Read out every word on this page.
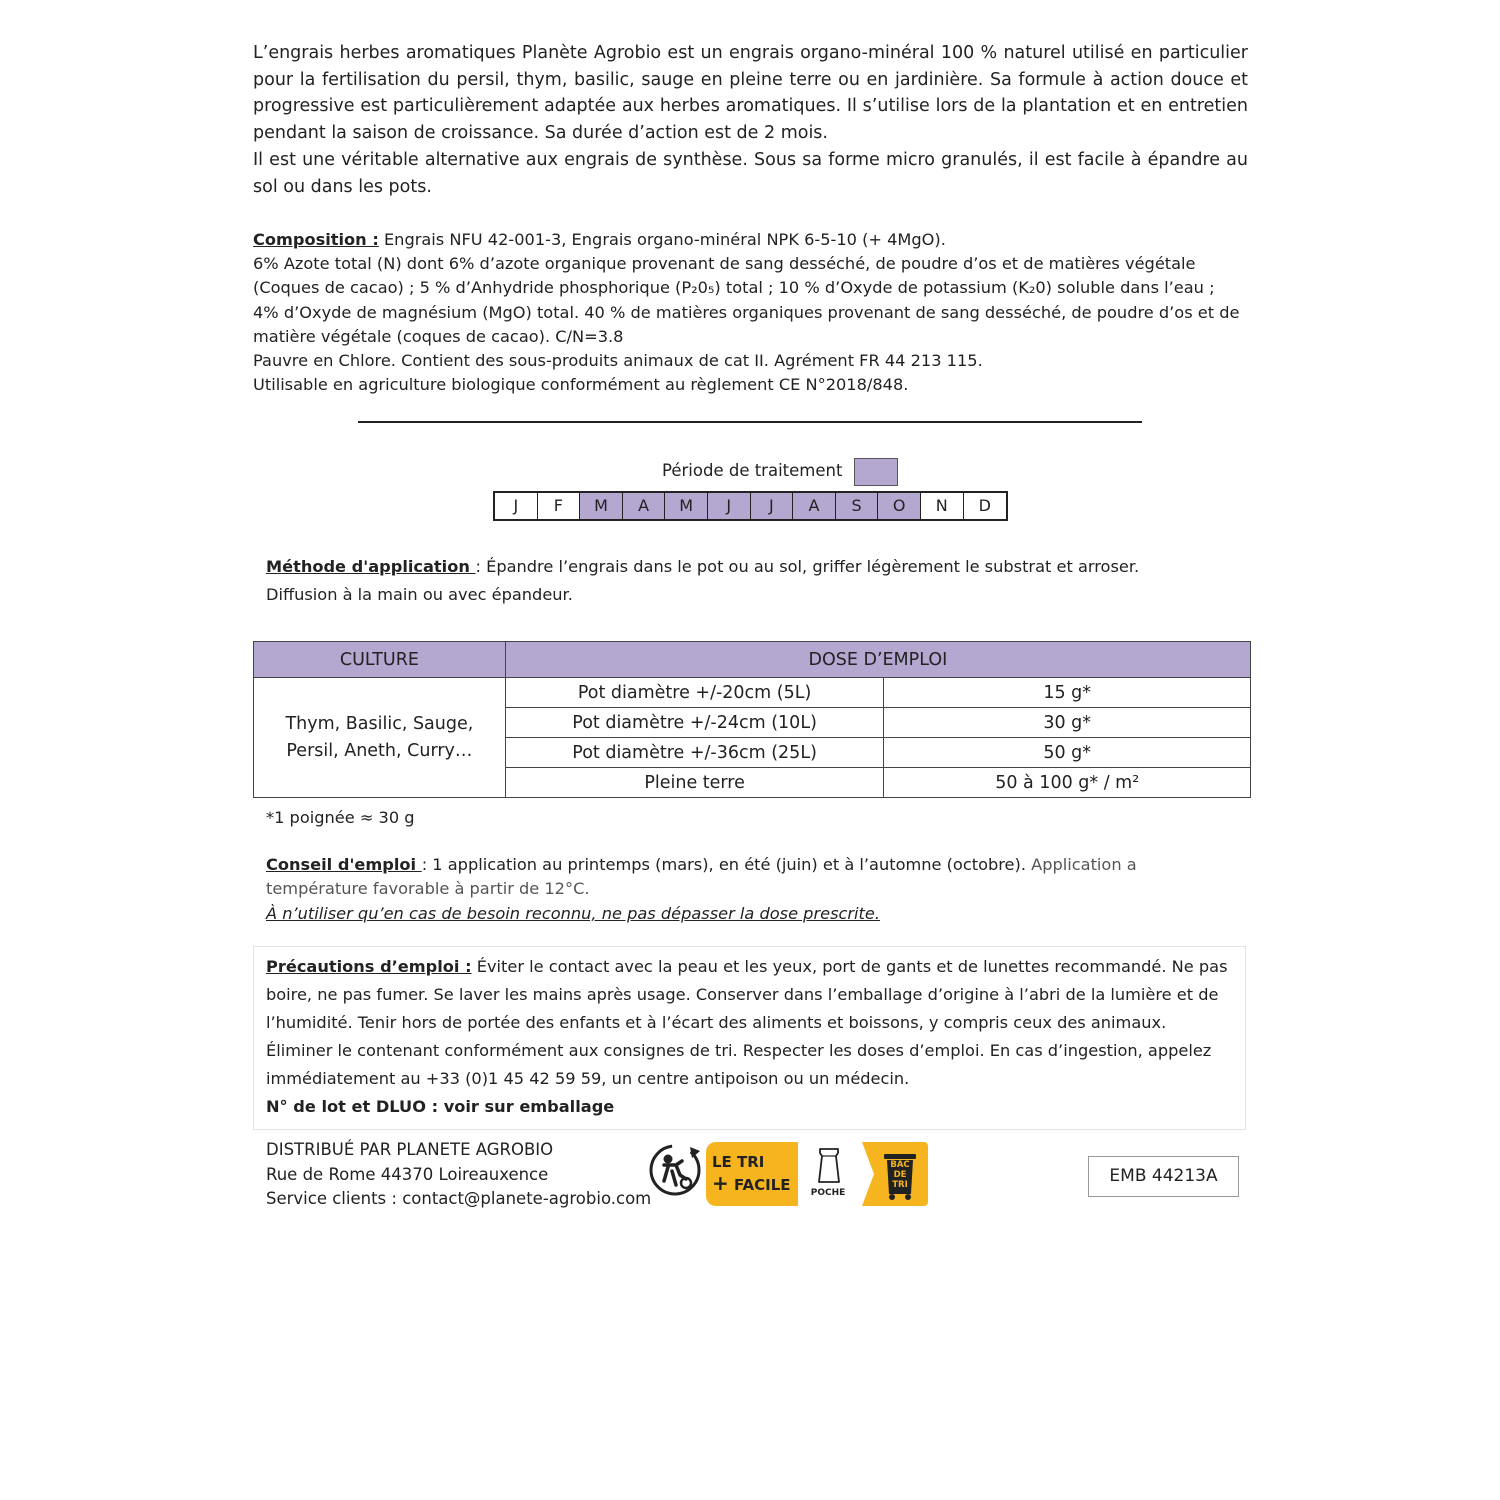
L’engrais herbes aromatiques Planète Agrobio est un engrais organo-minéral 100 % naturel utilisé en particulier pour la fertilisation du persil, thym, basilic, sauge en pleine terre ou en jardinière. Sa formule à action douce et progressive est particulièrement adaptée aux herbes aromatiques. Il s’utilise lors de la plantation et en entretien pendant la saison de croissance. Sa durée d’action est de 2 mois.

Il est une véritable alternative aux engrais de synthèse. Sous sa forme micro granulés, il est facile à épandre au sol ou dans les pots.

Composition : Engrais NFU 42-001-3, Engrais organo-minéral NPK 6-5-10 (+ 4MgO).

6% Azote total (N) dont 6% d’azote organique provenant de sang desséché, de poudre d’os et de matières végétale (Coques de cacao) ; 5 % d’Anhydride phosphorique (P₂0₅) total ; 10 % d’Oxyde de potassium (K₂0) soluble dans l’eau ; 4% d’Oxyde de magnésium (MgO) total. 40 % de matières organiques provenant de sang desséché, de poudre d’os et de matière végétale (coques de cacao). C/N=3.8

Pauvre en Chlore. Contient des sous-produits animaux de cat II. Agrément FR 44 213 115.

Utilisable en agriculture biologique conformément au règlement CE N°2018/848.

Période de traitement
J	F	M	A	M	J	J	A	S	O	N	D

Méthode d'application : Épandre l’engrais dans le pot ou au sol, griffer légèrement le substrat et arroser.

Diffusion à la main ou avec épandeur.

CULTURE	DOSE D’EMPLOI	
Thym, Basilic, Sauge,
Persil, Aneth, Curry…	Pot diamètre +/-20cm (5L)	15 g*
	Pot diamètre +/-24cm (10L)	30 g*
	Pot diamètre +/-36cm (25L)	50 g*
	Pleine terre	50 à 100 g* / m²
*1 poignée ≈ 30 g

Conseil d'emploi : 1 application au printemps (mars), en été (juin) et à l’automne (octobre). Application a température favorable à partir de 12°C.

À n’utiliser qu’en cas de besoin reconnu, ne pas dépasser la dose prescrite.

Précautions d’emploi : Éviter le contact avec la peau et les yeux, port de gants et de lunettes recommandé. Ne pas boire, ne pas fumer. Se laver les mains après usage. Conserver dans l’emballage d’origine à l’abri de la lumière et de l’humidité. Tenir hors de portée des enfants et à l’écart des aliments et boissons, y compris ceux des animaux. Éliminer le contenant conformément aux consignes de tri. Respecter les doses d’emploi. En cas d’ingestion, appelez immédiatement au +33 (0)1 45 42 59 59, un centre antipoison ou un médecin.

N° de lot et DLUO : voir sur emballage

DISTRIBUÉ PAR PLANETE AGROBIO

Rue de Rome 44370 Loireauxence

Service clients : contact@planete-agrobio.com

LE TRI
+ FACILE	POCHE
BAC
DE
TRI	EMB 44213A
